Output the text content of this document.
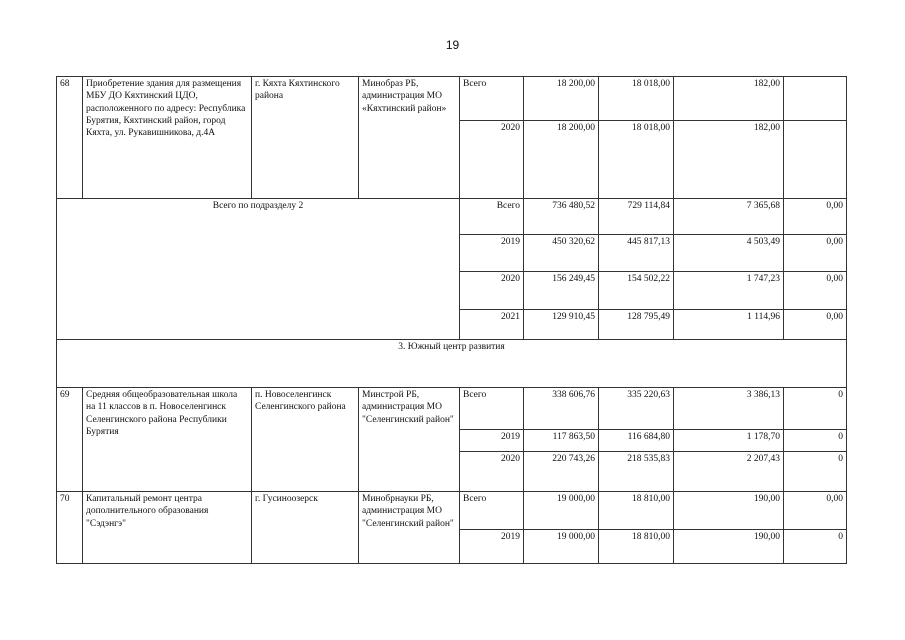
19
68	Приобретение здания для размещения МБУ ДО Кяхтинский ЦДО, расположенного по адресу: Республика Бурятия, Кяхтинский район, город Кяхта, ул. Рукавишникова, д.4А	г. Кяхта Кяхтинского района	Минобраз РБ, администрация МО «Кяхтинский район»	Всего	18 200,00	18 018,00	182,00	
				2020	18 200,00	18 018,00	182,00	
Всего по подразделу 2				Всего	736 480,52	729 114,84	7 365,68	0,00
				2019	450 320,62	445 817,13	4 503,49	0,00
				2020	156 249,45	154 502,22	1 747,23	0,00
				2021	129 910,45	128 795,49	1 114,96	0,00
3. Южный центр развития								
69	Средняя общеобразовательная школа на 11 классов в п. Новоселенгинск Селенгинского района Республики Бурятия	п. Новоселенгинск Селенгинского района	Минстрой РБ, администрация МО "Селенгинский район"	Всего	338 606,76	335 220,63	3 386,13	0
				2019	117 863,50	116 684,80	1 178,70	0
				2020	220 743,26	218 535,83	2 207,43	0
70	Капитальный ремонт центра дополнительного образования "Сэдэнгэ"	г. Гусиноозерск	Минобрнауки РБ, администрация МО "Селенгинский район"	Всего	19 000,00	18 810,00	190,00	0,00
				2019	19 000,00	18 810,00	190,00	0
